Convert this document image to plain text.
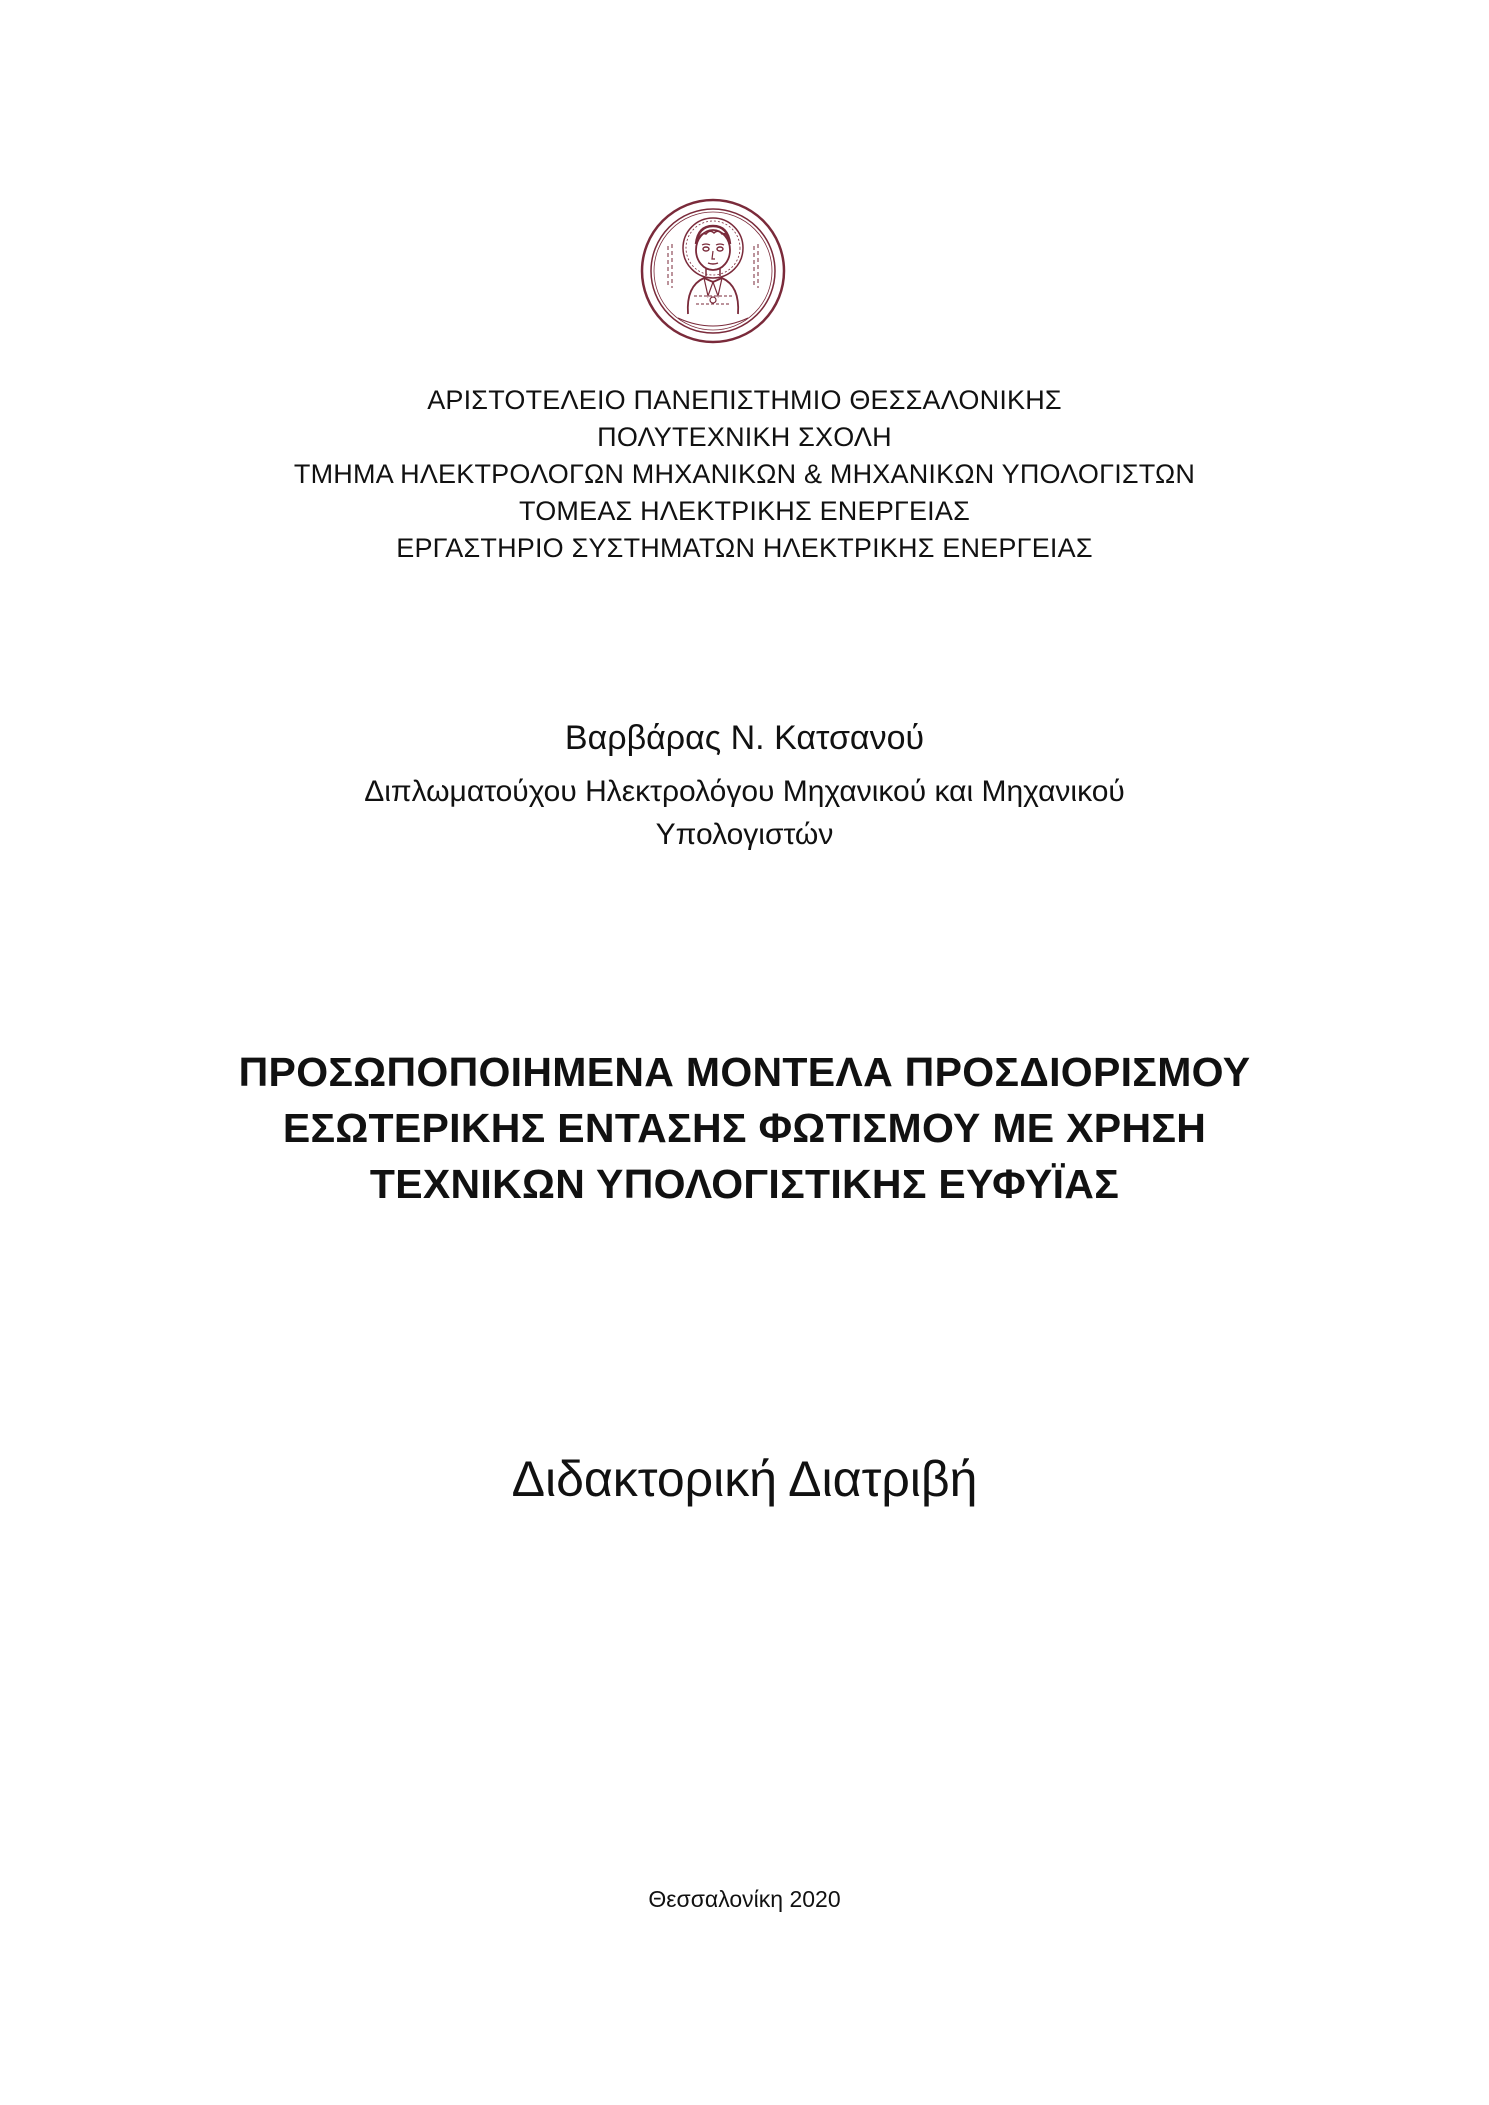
ΑΡΙΣΤΟΤΕΛΕΙΟ ΠΑΝΕΠΙΣΤΗΜΙΟ ΘΕΣΣΑΛΟΝΙΚΗΣ
ΠΟΛΥΤΕΧΝΙΚΗ ΣΧΟΛΗ
ΤΜΗΜΑ ΗΛΕΚΤΡΟΛΟΓΩΝ ΜΗΧΑΝΙΚΩΝ & ΜΗΧΑΝΙΚΩΝ ΥΠΟΛΟΓΙΣΤΩΝ
ΤΟΜΕΑΣ ΗΛΕΚΤΡΙΚΗΣ ΕΝΕΡΓΕΙΑΣ
ΕΡΓΑΣΤΗΡΙΟ ΣΥΣΤΗΜΑΤΩΝ ΗΛΕΚΤΡΙΚΗΣ ΕΝΕΡΓΕΙΑΣ
Βαρβάρας Ν. Κατσανού
Διπλωματούχου Ηλεκτρολόγου Μηχανικού και Μηχανικού
Υπολογιστών
ΠΡΟΣΩΠΟΠΟΙΗΜΕΝΑ ΜΟΝΤΕΛΑ ΠΡΟΣΔΙΟΡΙΣΜΟΥ
ΕΣΩΤΕΡΙΚΗΣ ΕΝΤΑΣΗΣ ΦΩΤΙΣΜΟΥ ΜΕ ΧΡΗΣΗ
ΤΕΧΝΙΚΩΝ ΥΠΟΛΟΓΙΣΤΙΚΗΣ ΕΥΦΥΪΑΣ
Διδακτορική Διατριβή
Θεσσαλονίκη 2020
